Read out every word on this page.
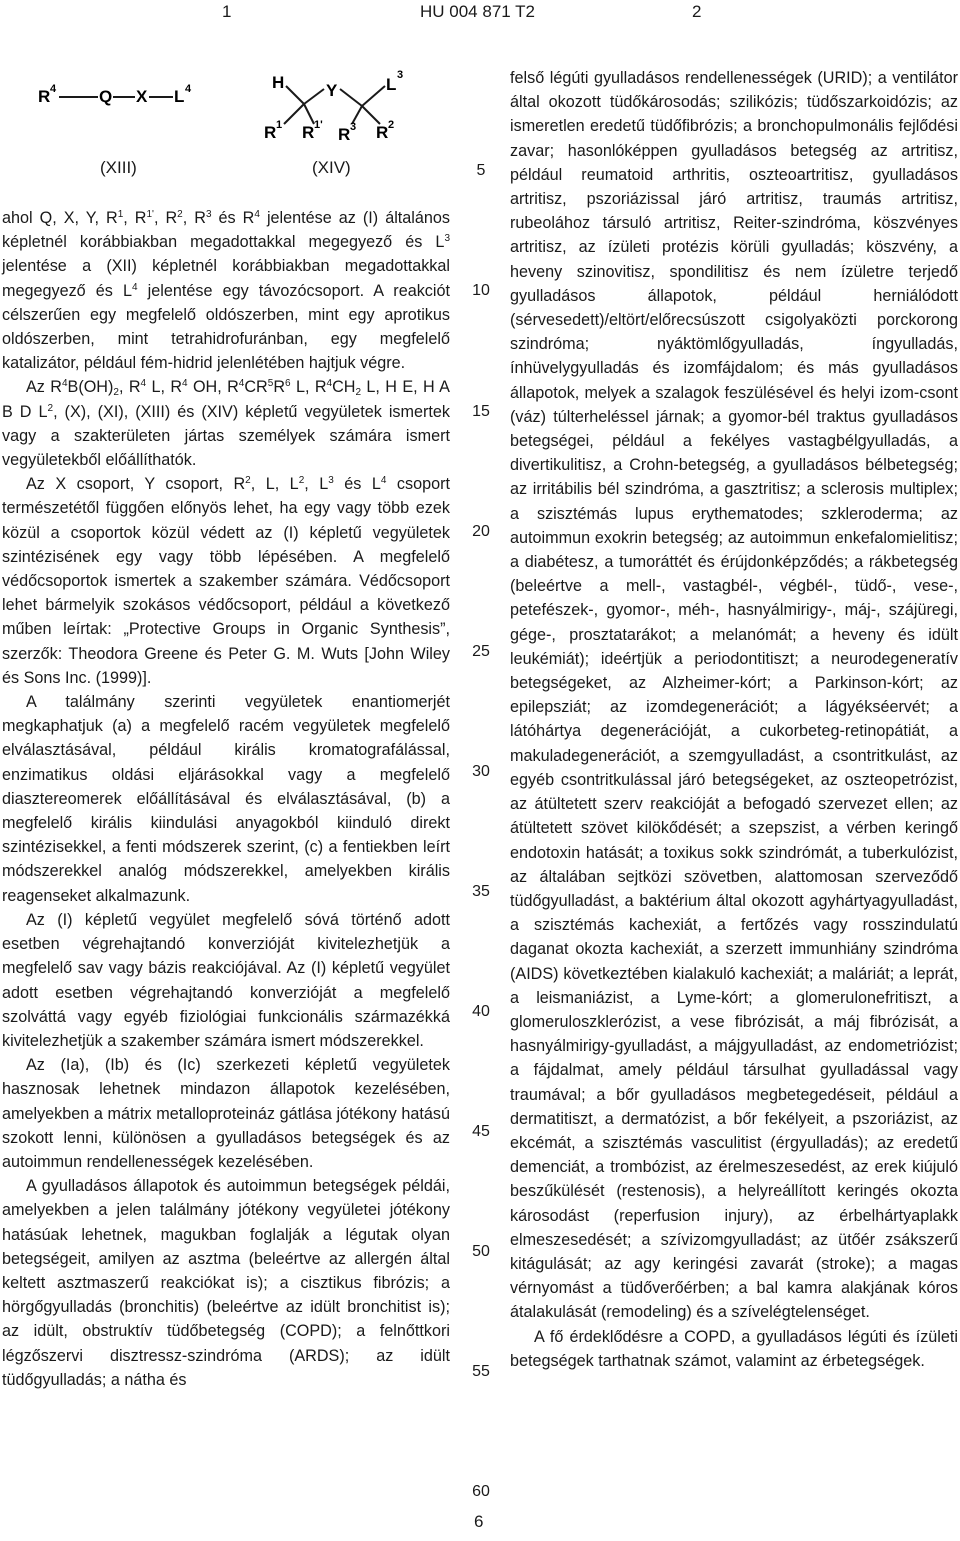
1	HU 004 871 T2	2
R 4	Q X L 4	H Y	L 3
R 1 R 1' R 3 R 2
(XIII)	(XIV)

ahol Q, X, Y, $R^1$, $R^{1'}$, $R^2$, $R^3$ és $R^4$ jelentése az (I) általános képletnél korábbiakban megadottakkal megegyező és $L^3$ jelentése a (XII) képletnél korábbiakban megadottakkal megegyező és $L^4$ jelentése egy távozócsoport. A reakciót célszerűen egy megfelelő oldószerben, mint egy aprotikus oldószerben, mint tetrahidrofuránban, egy megfelelő katalizátor, például fém-hidrid jelenlétében hajtjuk végre.

Az $R^4B(OH)_2$, $R^4$ L, $R^4$ OH, $R^4CR^5R^6$ L, $R^4CH_2$ L, H E, H A B D $L^2$, (X), (XI), (XIII) és (XIV) képletű vegyületek ismertek vagy a szakterületen jártas személyek számára ismert vegyületekből előállíthatók.

Az X csoport, Y csoport, $R^2$, L, $L^2$, $L^3$ és $L^4$ csoport természetétől függően előnyös lehet, ha egy vagy több ezek közül a csoportok közül védett az (I) képletű vegyületek szintézisének egy vagy több lépésében. A megfelelő védőcsoportok ismertek a szakember számára. Védőcsoport lehet bármelyik szokásos védőcsoport, például a következő műben leírtak: „Protective Groups in Organic Synthesis”, szerzők: Theodora Greene és Peter G. M. Wuts [John Wiley és Sons Inc. (1999)].

A találmány szerinti vegyületek enantiomerjét megkaphatjuk (a) a megfelelő racém vegyületek megfelelő elválasztásával, például királis kromatografálással, enzimatikus oldási eljárásokkal vagy a megfelelő diasztereomerek előállításával és elválasztásával, (b) a megfelelő királis kiindulási anyagokból kiinduló direkt szintézisekkel, a fenti módszerek szerint, (c) a fentiekben leírt módszerekkel analóg módszerekkel, amelyekben királis reagenseket alkalmazunk.

Az (I) képletű vegyület megfelelő sóvá történő adott esetben végrehajtandó konverzióját kivitelezhetjük a megfelelő sav vagy bázis reakciójával. Az (I) képletű vegyület adott esetben végrehajtandó konverzióját a megfelelő szolváttá vagy egyéb fiziológiai funkcionális származékká kivitelezhetjük a szakember számára ismert módszerekkel.

Az (Ia), (Ib) és (Ic) szerkezeti képletű vegyületek hasznosak lehetnek mindazon állapotok kezelésében, amelyekben a mátrix metalloproteináz gátlása jótékony hatású szokott lenni, különösen a gyulladásos betegségek és az autoimmun rendellenességek kezelésében.

A gyulladásos állapotok és autoimmun betegségek példái, amelyekben a jelen találmány jótékony vegyületei jótékony hatásúak lehetnek, magukban foglalják a légutak olyan betegségeit, amilyen az asztma (beleértve az allergén által keltett asztmaszerű reakciókat is); a cisztikus fibrózis; a hörgőgyulladás (bronchitis) (beleértve az idült bronchitist is); az idült, obstruktív tüdőbetegség (COPD); a felnőttkori légzőszervi disztressz-szindróma (ARDS); az idült tüdőgyulladás; a nátha és

5
10
15
20
25
30
35
40
45
50
55
60

felső légúti gyulladásos rendellenességek (URID); a ventilátor által okozott tüdőkárosodás; szilikózis; tüdőszarkoidózis; az ismeretlen eredetű tüdőfibrózis; a bronchopulmonális fejlődési zavar; hasonlóképpen gyulladásos betegség az artritisz, például reumatoid arthritis, oszteoartritisz, gyulladásos artritisz, pszoriázissal járó artritisz, traumás artritisz, rubeolához társuló artritisz, Reiter-szindróma, köszvényes artritisz, az ízületi protézis körüli gyulladás; köszvény, a heveny szinovitisz, spondilitisz és nem ízületre terjedő gyulladásos állapotok, például herniálódott (sérvesedett)/eltört/előrecsúszott csigolyaközti porckorong szindróma; nyáktömlőgyulladás, íngyulladás, ínhüvelygyulladás és izomfájdalom; és más gyulladásos állapotok, melyek a szalagok feszülésével és helyi izom-csont (váz) túlterheléssel járnak; a gyomor-bél traktus gyulladásos betegségei, például a fekélyes vastagbélgyulladás, a divertikulitisz, a Crohn-betegség, a gyulladásos bélbetegség; az irritábilis bél szindróma, a gasztritisz; a sclerosis multiplex; a szisztémás lupus erythematodes; szkleroderma; az autoimmun exokrin betegség; az autoimmun enkefalomielitisz; a diabétesz, a tumoráttét és érújdonképződés; a rákbetegség (beleértve a mell-, vastagbél-, végbél-, tüdő-, vese-, petefészek-, gyomor-, méh-, hasnyálmirigy-, máj-, szájüregi, gége-, prosztatarákot; a melanómát; a heveny és idült leukémiát); ideértjük a periodontitiszt; a neurodegeneratív betegségeket, az Alzheimer-kórt; a Parkinson-kórt; az epilepsziát; az izomdegenerációt; a lágyékséervét; a látóhártya degenerációját, a cukorbeteg-retinopátiát, a makuladegenerációt, a szemgyulladást, a csontritkulást, az egyéb csontritkulással járó betegségeket, az oszteopetrózist, az átültetett szerv reakcióját a befogadó szervezet ellen; az átültetett szövet kilökődését; a szepszist, a vérben keringő endotoxin hatását; a toxikus sokk szindrómát, a tuberkulózist, az általában sejtközi szövetben, alattomosan szerveződő tüdőgyulladást, a baktérium által okozott agyhártyagyulladást, a szisztémás kachexiát, a fertőzés vagy rosszindulatú daganat okozta kachexiát, a szerzett immunhiány szindróma (AIDS) következtében kialakuló kachexiát; a maláriát; a leprát, a leismaniázist, a Lyme-kórt; a glomerulonefritiszt, a glomeruloszklerózist, a vese fibrózisát, a máj fibrózisát, a hasnyálmirigy-gyulladást, a májgyulladást, az endometriózist; a fájdalmat, amely például társulhat gyulladással vagy traumával; a bőr gyulladásos megbetegedéseit, például a dermatitiszt, a dermatózist, a bőr fekélyeit, a pszoriázist, az ekcémát, a szisztémás vasculitist (érgyulladás); az eredetű demenciát, a trombózist, az érelmeszesedést, az erek kiújuló beszűkülését (restenosis), a helyreállított keringés okozta károsodást (reperfusion injury), az érbelhártyaplakk elmeszesedését; a szívizomgyulladást; az ütőér zsákszerű kitágulását; az agy keringési zavarát (stroke); a magas vérnyomást a tüdőverőérben; a bal kamra alakjának kóros átalakulását (remodeling) és a szívelégtelenséget.

A fő érdeklődésre a COPD, a gyulladásos légúti és ízületi betegségek tarthatnak számot, valamint az érbetegségek.

6
